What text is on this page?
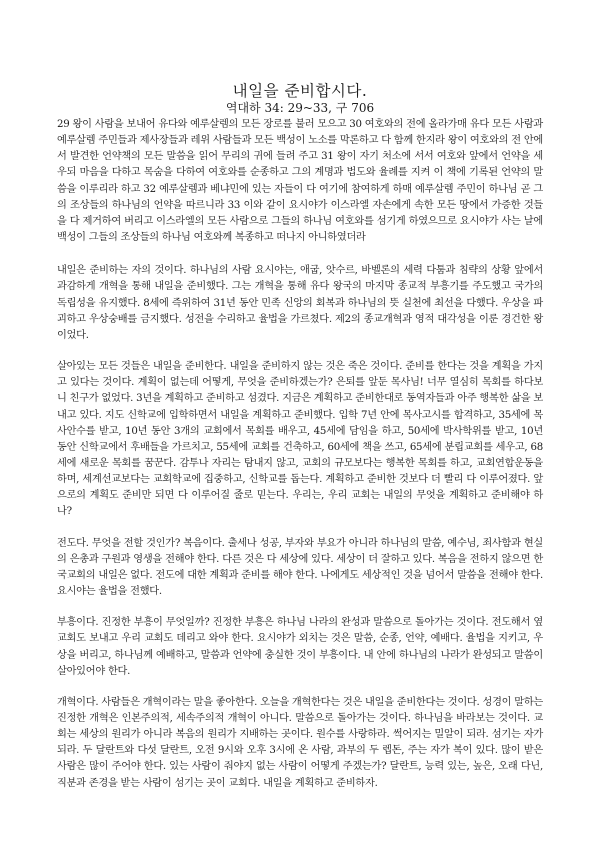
내일을 준비합시다.
역대하 34: 29~33, 구 706

29 왕이 사람을 보내어 유다와 예루살렘의 모든 장로를 불러 모으고 30 여호와의 전에 올라가매 유다 모든 사람과 예루살렘 주민들과 제사장들과 레위 사람들과 모든 백성이 노소를 막론하고 다 함께 한지라 왕이 여호와의 전 안에서 발견한 언약책의 모든 말씀을 읽어 무리의 귀에 들려 주고 31 왕이 자기 처소에 서서 여호와 앞에서 언약을 세우되 마음을 다하고 목숨을 다하여 여호와를 순종하고 그의 계명과 법도와 율례를 지켜 이 책에 기록된 언약의 말씀을 이루리라 하고 32 예루살렘과 베냐민에 있는 자들이 다 여기에 참여하게 하매 예루살렘 주민이 하나님 곧 그의 조상들의 하나님의 언약을 따르니라 33 이와 같이 요시야가 이스라엘 자손에게 속한 모든 땅에서 가증한 것들을 다 제거하여 버리고 이스라엘의 모든 사람으로 그들의 하나님 여호와를 섬기게 하였으므로 요시야가 사는 날에 백성이 그들의 조상들의 하나님 여호와께 복종하고 떠나지 아니하였더라

내일은 준비하는 자의 것이다. 하나님의 사람 요시야는, 애굽, 앗수르, 바벨론의 세력 다툼과 침략의 상황 앞에서 과감하게 개혁을 통해 내일을 준비했다. 그는 개혁을 통해 유다 왕국의 마지막 종교적 부흥기를 주도했고 국가의 독립성을 유지했다. 8세에 즉위하여 31년 동안 민족 신앙의 회복과 하나님의 뜻 실천에 최선을 다했다. 우상을 파괴하고 우상숭배를 금지했다. 성전을 수리하고 율법을 가르쳤다. 제2의 종교개혁과 영적 대각성을 이룬 경건한 왕이었다.

살아있는 모든 것들은 내일을 준비한다. 내일을 준비하지 않는 것은 죽은 것이다. 준비를 한다는 것을 계획을 가지고 있다는 것이다. 계획이 없는데 어떻게, 무엇을 준비하겠는가? 은퇴를 앞둔 목사님! 너무 열심히 목회를 하다보니 친구가 없었다. 3년을 계획하고 준비하고 섬겼다. 지금은 계획하고 준비한대로 동역자들과 아주 행복한 삶을 보내고 있다. 지도 신학교에 입학하면서 내일을 계획하고 준비했다. 입학 7년 안에 목사고시를 합격하고, 35세에 목사안수를 받고, 10년 동안 3개의 교회에서 목회를 배우고, 45세에 담임을 하고, 50세에 박사학위를 받고, 10년 동안 신학교에서 후배들을 가르치고, 55세에 교회를 건축하고, 60세에 책을 쓰고, 65세에 분립교회를 세우고, 68세에 새로운 목회를 꿈꾼다. 감투나 자리는 탐내지 않고, 교회의 규모보다는 행복한 목회를 하고, 교회연합운동을 하며, 세계선교보다는 교회학교에 집중하고, 신학교를 돕는다. 계획하고 준비한 것보다 더 빨리 다 이루어졌다. 앞으로의 계획도 준비만 되면 다 이루어질 줄로 믿는다. 우리는, 우리 교회는 내일의 무엇을 계획하고 준비해야 하나?

전도다. 무엇을 전할 것인가? 복음이다. 출세나 성공, 부자와 부요가 아니라 하나님의 말씀, 예수님, 죄사함과 현실의 은총과 구원과 영생을 전해야 한다. 다른 것은 다 세상에 있다. 세상이 더 잘하고 있다. 복음을 전하지 않으면 한국교회의 내일은 없다. 전도에 대한 계획과 준비를 해야 한다. 나에게도 세상적인 것을 넘어서 말씀을 전해야 한다. 요시야는 율법을 전했다.

부흥이다. 진정한 부흥이 무엇일까? 진정한 부흥은 하나님 나라의 완성과 말씀으로 돌아가는 것이다. 전도해서 옆 교회도 보내고 우리 교회도 데리고 와야 한다. 요시야가 외치는 것은 말씀, 순종, 언약, 예배다. 율법을 지키고, 우상을 버리고, 하나님께 예배하고, 말씀과 언약에 충실한 것이 부흥이다. 내 안에 하나님의 나라가 완성되고 말씀이 살아있어야 한다.

개혁이다. 사람들은 개혁이라는 말을 좋아한다. 오늘을 개혁한다는 것은 내일을 준비한다는 것이다. 성경이 말하는 진정한 개혁은 인본주의적, 세속주의적 개혁이 아니다. 말씀으로 돌아가는 것이다. 하나님을 바라보는 것이다. 교회는 세상의 원리가 아니라 복음의 원리가 지배하는 곳이다. 원수를 사랑하라. 썩어지는 밀알이 되라. 섬기는 자가 되라. 두 달란트와 다섯 달란트, 오전 9시와 오후 3시에 온 사람, 과부의 두 렙돈, 주는 자가 복이 있다. 많이 받은 사람은 많이 주어야 한다. 있는 사람이 줘야지 없는 사람이 어떻게 주겠는가? 달란트, 능력 있는, 높은, 오래 다닌, 직분과 존경을 받는 사람이 섬기는 곳이 교회다. 내일을 계획하고 준비하자.
